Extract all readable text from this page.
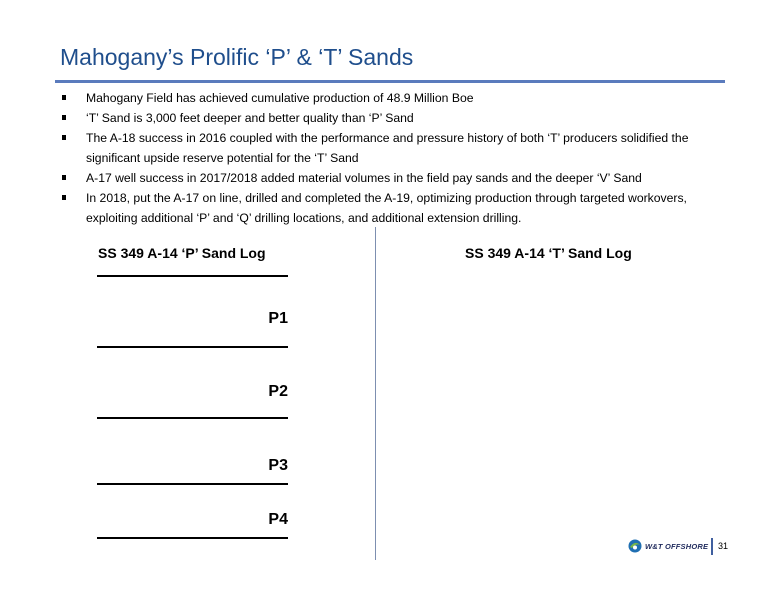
Mahogany’s Prolific ‘P’ & ‘T’ Sands
Mahogany Field has achieved cumulative production of 48.9 Million Boe
‘T’ Sand is 3,000 feet deeper and better quality than ‘P’ Sand
The A-18 success in 2016 coupled with the performance and pressure history of both ‘T’ producers solidified the significant upside reserve potential for the ‘T’ Sand
A-17 well success in 2017/2018 added material volumes in the field pay sands and the deeper ‘V’ Sand
In 2018, put the A-17 on line, drilled and completed the A-19, optimizing production through targeted workovers, exploiting additional ‘P’ and ‘Q’ drilling locations, and additional extension drilling.
SS 349 A-14 ‘P’ Sand Log	SS 349 A-14 ‘T’ Sand Log
P1
P2
P3
P4
W&T OFFSHORE 31
